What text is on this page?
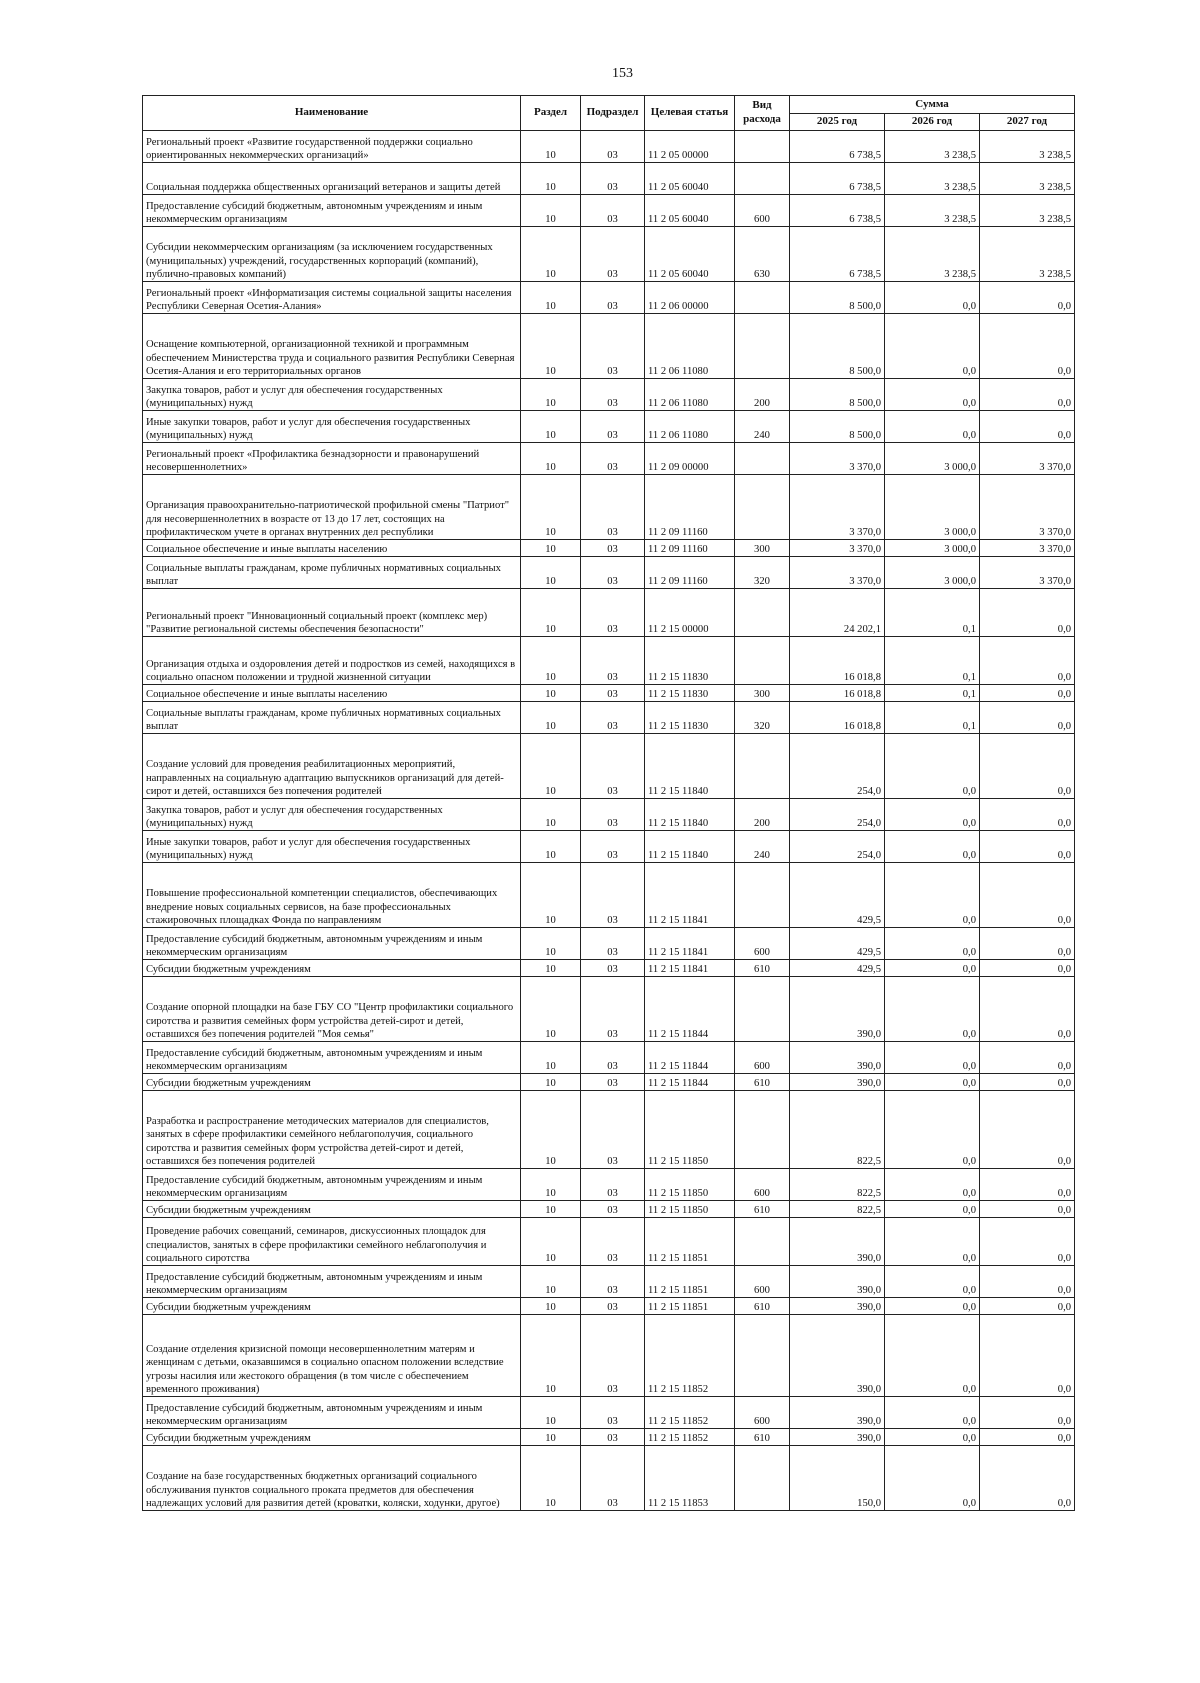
153
Наименование	Раздел	Подраздел	Целевая статья	Вид расхода	Сумма		
					2025 год	2026 год	2027 год
Региональный проект «Развитие государственной поддержки социально ориентированных некоммерческих организаций»	10	03	11 2 05 00000		6 738,5	3 238,5	3 238,5
Социальная поддержка общественных организаций ветеранов и защиты детей	10	03	11 2 05 60040		6 738,5	3 238,5	3 238,5
Предоставление субсидий бюджетным, автономным учреждениям и иным некоммерческим организациям	10	03	11 2 05 60040	600	6 738,5	3 238,5	3 238,5
Субсидии некоммерческим организациям (за исключением государственных (муниципальных) учреждений, государственных корпораций (компаний), публично-правовых компаний)	10	03	11 2 05 60040	630	6 738,5	3 238,5	3 238,5
Региональный проект «Информатизация системы социальной защиты населения Республики Северная Осетия-Алания»	10	03	11 2 06 00000		8 500,0	0,0	0,0
Оснащение компьютерной, организационной техникой и программным обеспечением Министерства труда и социального развития Республики Северная Осетия-Алания и его территориальных органов	10	03	11 2 06 11080		8 500,0	0,0	0,0
Закупка товаров, работ и услуг для обеспечения государственных (муниципальных) нужд	10	03	11 2 06 11080	200	8 500,0	0,0	0,0
Иные закупки товаров, работ и услуг для обеспечения государственных (муниципальных) нужд	10	03	11 2 06 11080	240	8 500,0	0,0	0,0
Региональный проект «Профилактика безнадзорности и правонарушений несовершеннолетних»	10	03	11 2 09 00000		3 370,0	3 000,0	3 370,0
Организация правоохранительно-патриотической профильной смены "Патриот" для несовершеннолетних в возрасте от 13 до 17 лет, состоящих на профилактическом учете в органах внутренних дел республики	10	03	11 2 09 11160		3 370,0	3 000,0	3 370,0
Социальное обеспечение и иные выплаты населению	10	03	11 2 09 11160	300	3 370,0	3 000,0	3 370,0
Социальные выплаты гражданам, кроме публичных нормативных социальных выплат	10	03	11 2 09 11160	320	3 370,0	3 000,0	3 370,0
Региональный проект "Инновационный социальный проект (комплекс мер) "Развитие региональной системы обеспечения безопасности"	10	03	11 2 15 00000		24 202,1	0,1	0,0
Организация отдыха и оздоровления детей и подростков из семей, находящихся в социально опасном положении и трудной жизненной ситуации	10	03	11 2 15 11830		16 018,8	0,1	0,0
Социальное обеспечение и иные выплаты населению	10	03	11 2 15 11830	300	16 018,8	0,1	0,0
Социальные выплаты гражданам, кроме публичных нормативных социальных выплат	10	03	11 2 15 11830	320	16 018,8	0,1	0,0
Создание условий для проведения реабилитационных мероприятий, направленных на социальную адаптацию выпускников организаций для детей-сирот и детей, оставшихся без попечения родителей	10	03	11 2 15 11840		254,0	0,0	0,0
Закупка товаров, работ и услуг для обеспечения государственных (муниципальных) нужд	10	03	11 2 15 11840	200	254,0	0,0	0,0
Иные закупки товаров, работ и услуг для обеспечения государственных (муниципальных) нужд	10	03	11 2 15 11840	240	254,0	0,0	0,0
Повышение профессиональной компетенции специалистов, обеспечивающих внедрение новых социальных сервисов, на базе профессиональных стажировочных площадках Фонда по направлениям	10	03	11 2 15 11841		429,5	0,0	0,0
Предоставление субсидий бюджетным, автономным учреждениям и иным некоммерческим организациям	10	03	11 2 15 11841	600	429,5	0,0	0,0
Субсидии бюджетным учреждениям	10	03	11 2 15 11841	610	429,5	0,0	0,0
Создание опорной площадки на базе ГБУ СО "Центр профилактики социального сиротства и развития семейных форм устройства детей-сирот и детей, оставшихся без попечения родителей "Моя семья"	10	03	11 2 15 11844		390,0	0,0	0,0
Предоставление субсидий бюджетным, автономным учреждениям и иным некоммерческим организациям	10	03	11 2 15 11844	600	390,0	0,0	0,0
Субсидии бюджетным учреждениям	10	03	11 2 15 11844	610	390,0	0,0	0,0
Разработка и распространение методических материалов для специалистов, занятых в сфере профилактики семейного неблагополучия, социального сиротства и развития семейных форм устройства детей-сирот и детей, оставшихся без попечения родителей	10	03	11 2 15 11850		822,5	0,0	0,0
Предоставление субсидий бюджетным, автономным учреждениям и иным некоммерческим организациям	10	03	11 2 15 11850	600	822,5	0,0	0,0
Субсидии бюджетным учреждениям	10	03	11 2 15 11850	610	822,5	0,0	0,0
Проведение рабочих совещаний, семинаров, дискуссионных площадок для специалистов, занятых в сфере профилактики семейного неблагополучия и социального сиротства	10	03	11 2 15 11851		390,0	0,0	0,0
Предоставление субсидий бюджетным, автономным учреждениям и иным некоммерческим организациям	10	03	11 2 15 11851	600	390,0	0,0	0,0
Субсидии бюджетным учреждениям	10	03	11 2 15 11851	610	390,0	0,0	0,0
Создание отделения кризисной помощи несовершеннолетним матерям и женщинам с детьми, оказавшимся в социально опасном положении вследствие угрозы насилия или жестокого обращения (в том числе с обеспечением временного проживания)	10	03	11 2 15 11852		390,0	0,0	0,0
Предоставление субсидий бюджетным, автономным учреждениям и иным некоммерческим организациям	10	03	11 2 15 11852	600	390,0	0,0	0,0
Субсидии бюджетным учреждениям	10	03	11 2 15 11852	610	390,0	0,0	0,0
Создание на базе государственных бюджетных организаций социального обслуживания пунктов социального проката предметов для обеспечения надлежащих условий для развития детей (кроватки, коляски, ходунки, другое)	10	03	11 2 15 11853		150,0	0,0	0,0
